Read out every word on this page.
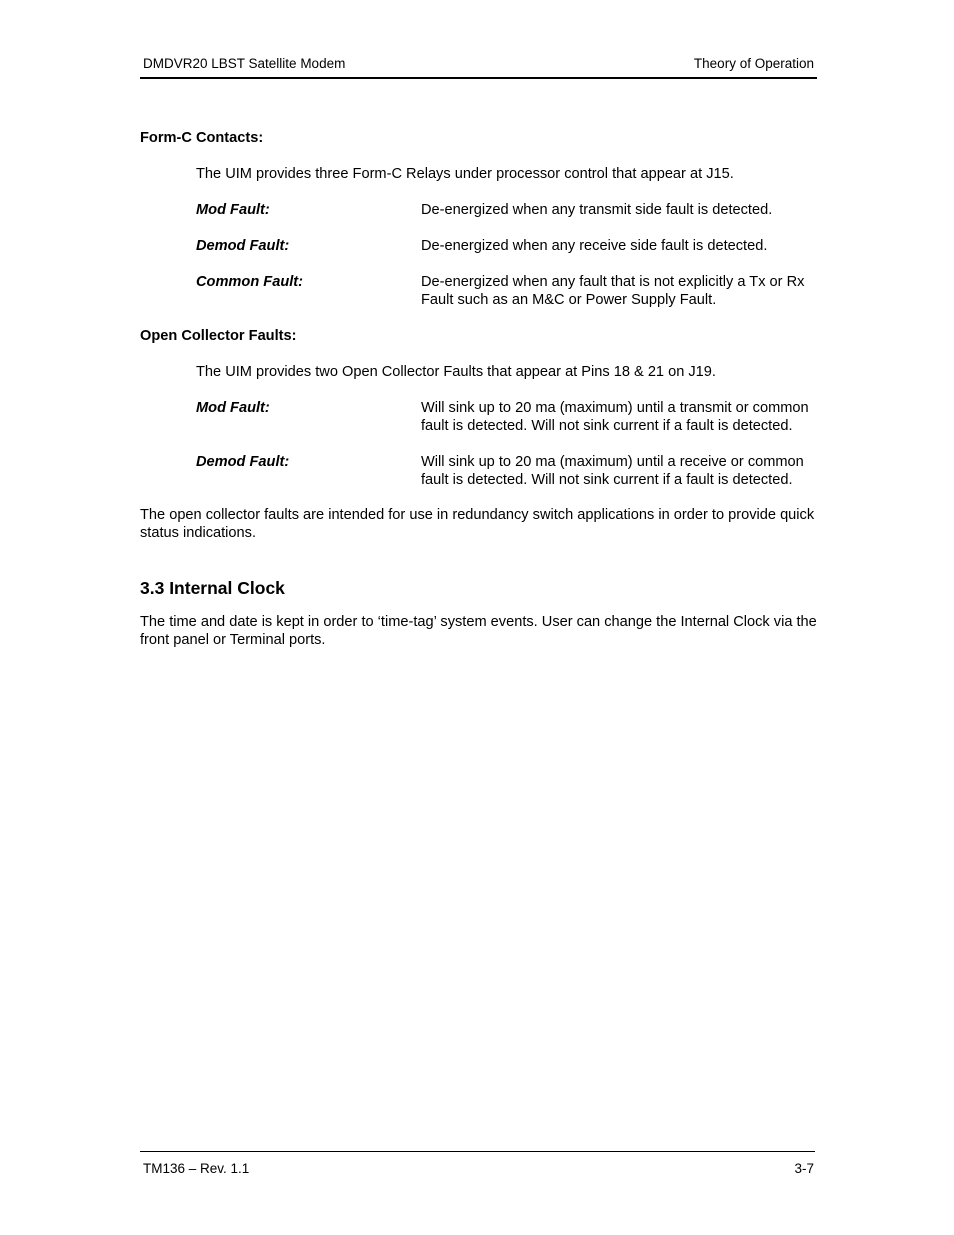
DMDVR20 LBST Satellite Modem	Theory of Operation

Form-C Contacts:

The UIM provides three Form-C Relays under processor control that appear at J15.

Mod Fault:	De-energized when any transmit side fault is detected.
Demod Fault:	De-energized when any receive side fault is detected.
Common Fault:	De-energized when any fault that is not explicitly a Tx or Rx Fault such as an M&C or Power Supply Fault.

Open Collector Faults:

The UIM provides two Open Collector Faults that appear at Pins 18 & 21 on J19.

Mod Fault:	Will sink up to 20 ma (maximum) until a transmit or common fault is detected. Will not sink current if a fault is detected.
Demod Fault:	Will sink up to 20 ma (maximum) until a receive or common fault is detected. Will not sink current if a fault is detected.

The open collector faults are intended for use in redundancy switch applications in order to provide quick status indications.

3.3 Internal Clock

The time and date is kept in order to ‘time-tag’ system events. User can change the Internal Clock via the front panel or Terminal ports.

TM136 – Rev. 1.1	3-7
